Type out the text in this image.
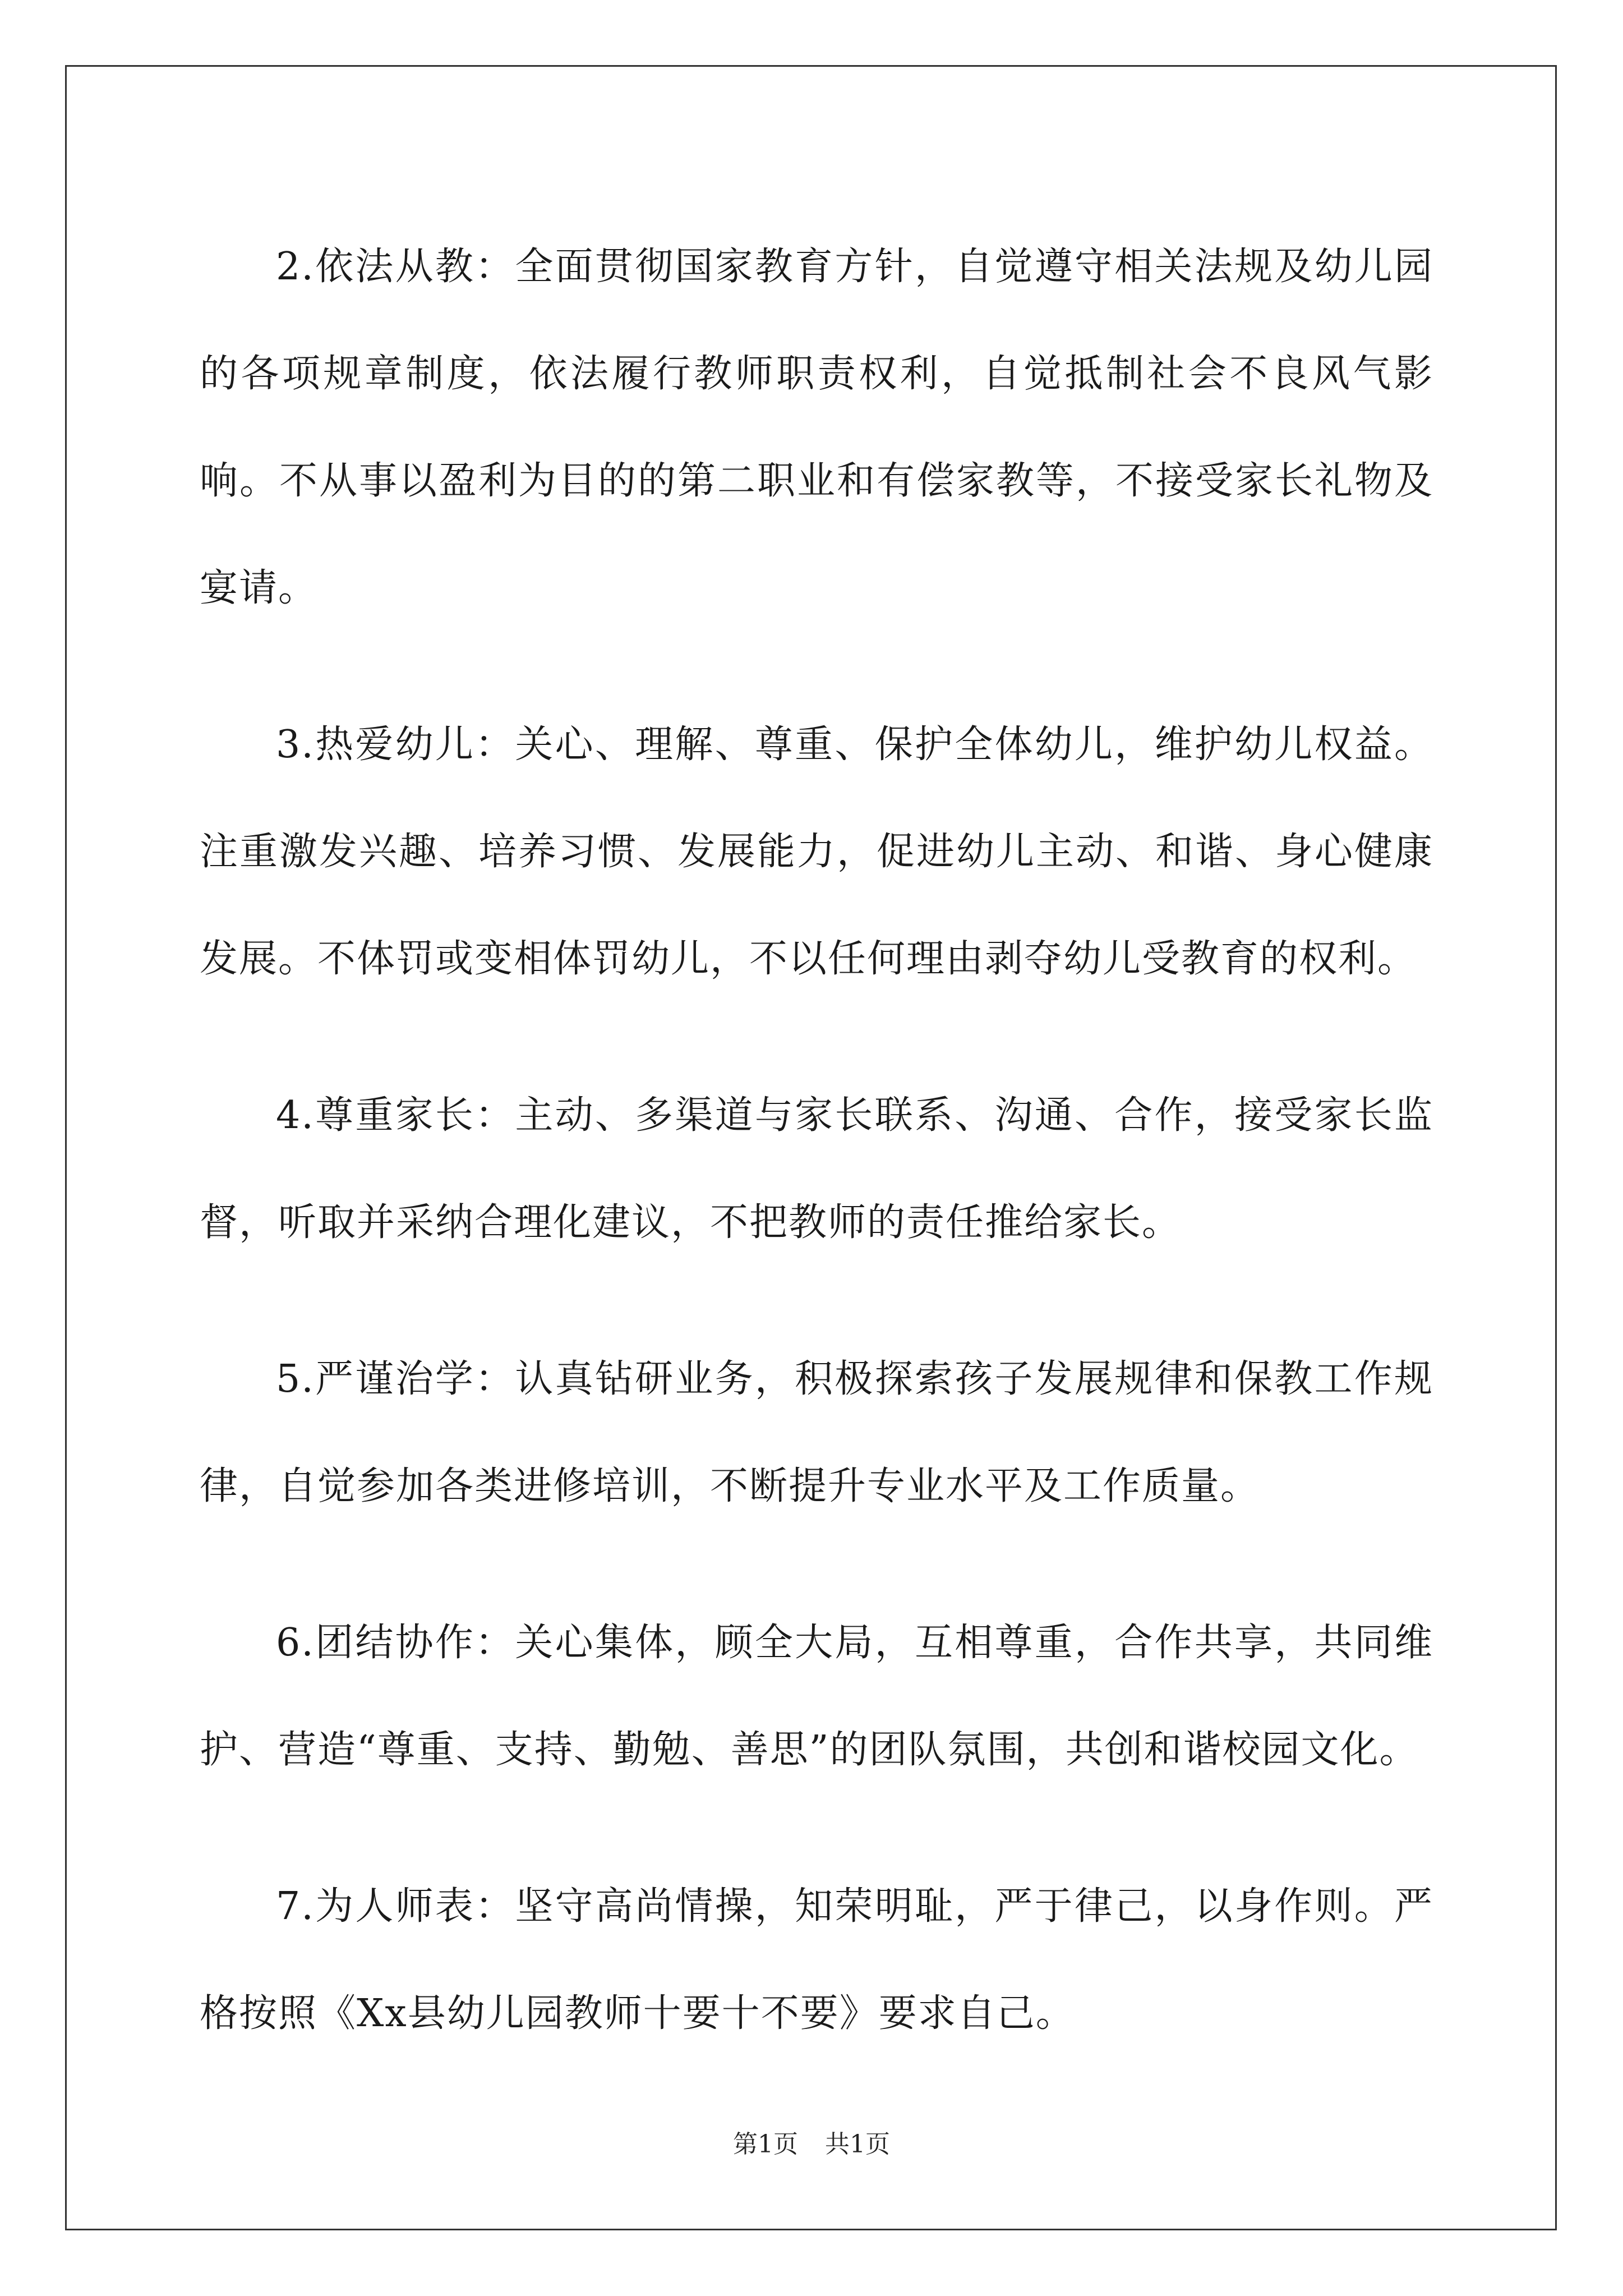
2.依法从教：全面贯彻国家教育方针，自觉遵守相关法规及幼儿园的各项规章制度，依法履行教师职责权利，自觉抵制社会不良风气影响。不从事以盈利为目的的第二职业和有偿家教等，不接受家长礼物及宴请。

3.热爱幼儿：关心、理解、尊重、保护全体幼儿，维护幼儿权益。注重激发兴趣、培养习惯、发展能力，促进幼儿主动、和谐、身心健康发展。不体罚或变相体罚幼儿，不以任何理由剥夺幼儿受教育的权利。

4.尊重家长：主动、多渠道与家长联系、沟通、合作，接受家长监督，听取并采纳合理化建议，不把教师的责任推给家长。

5.严谨治学：认真钻研业务，积极探索孩子发展规律和保教工作规律，自觉参加各类进修培训，不断提升专业水平及工作质量。

6.团结协作：关心集体，顾全大局，互相尊重，合作共享，共同维护、营造“尊重、支持、勤勉、善思”的团队氛围，共创和谐校园文化。

7.为人师表：坚守高尚情操，知荣明耻，严于律己，以身作则。严格按照《Xx县幼儿园教师十要十不要》要求自己。

第1页 共1页
